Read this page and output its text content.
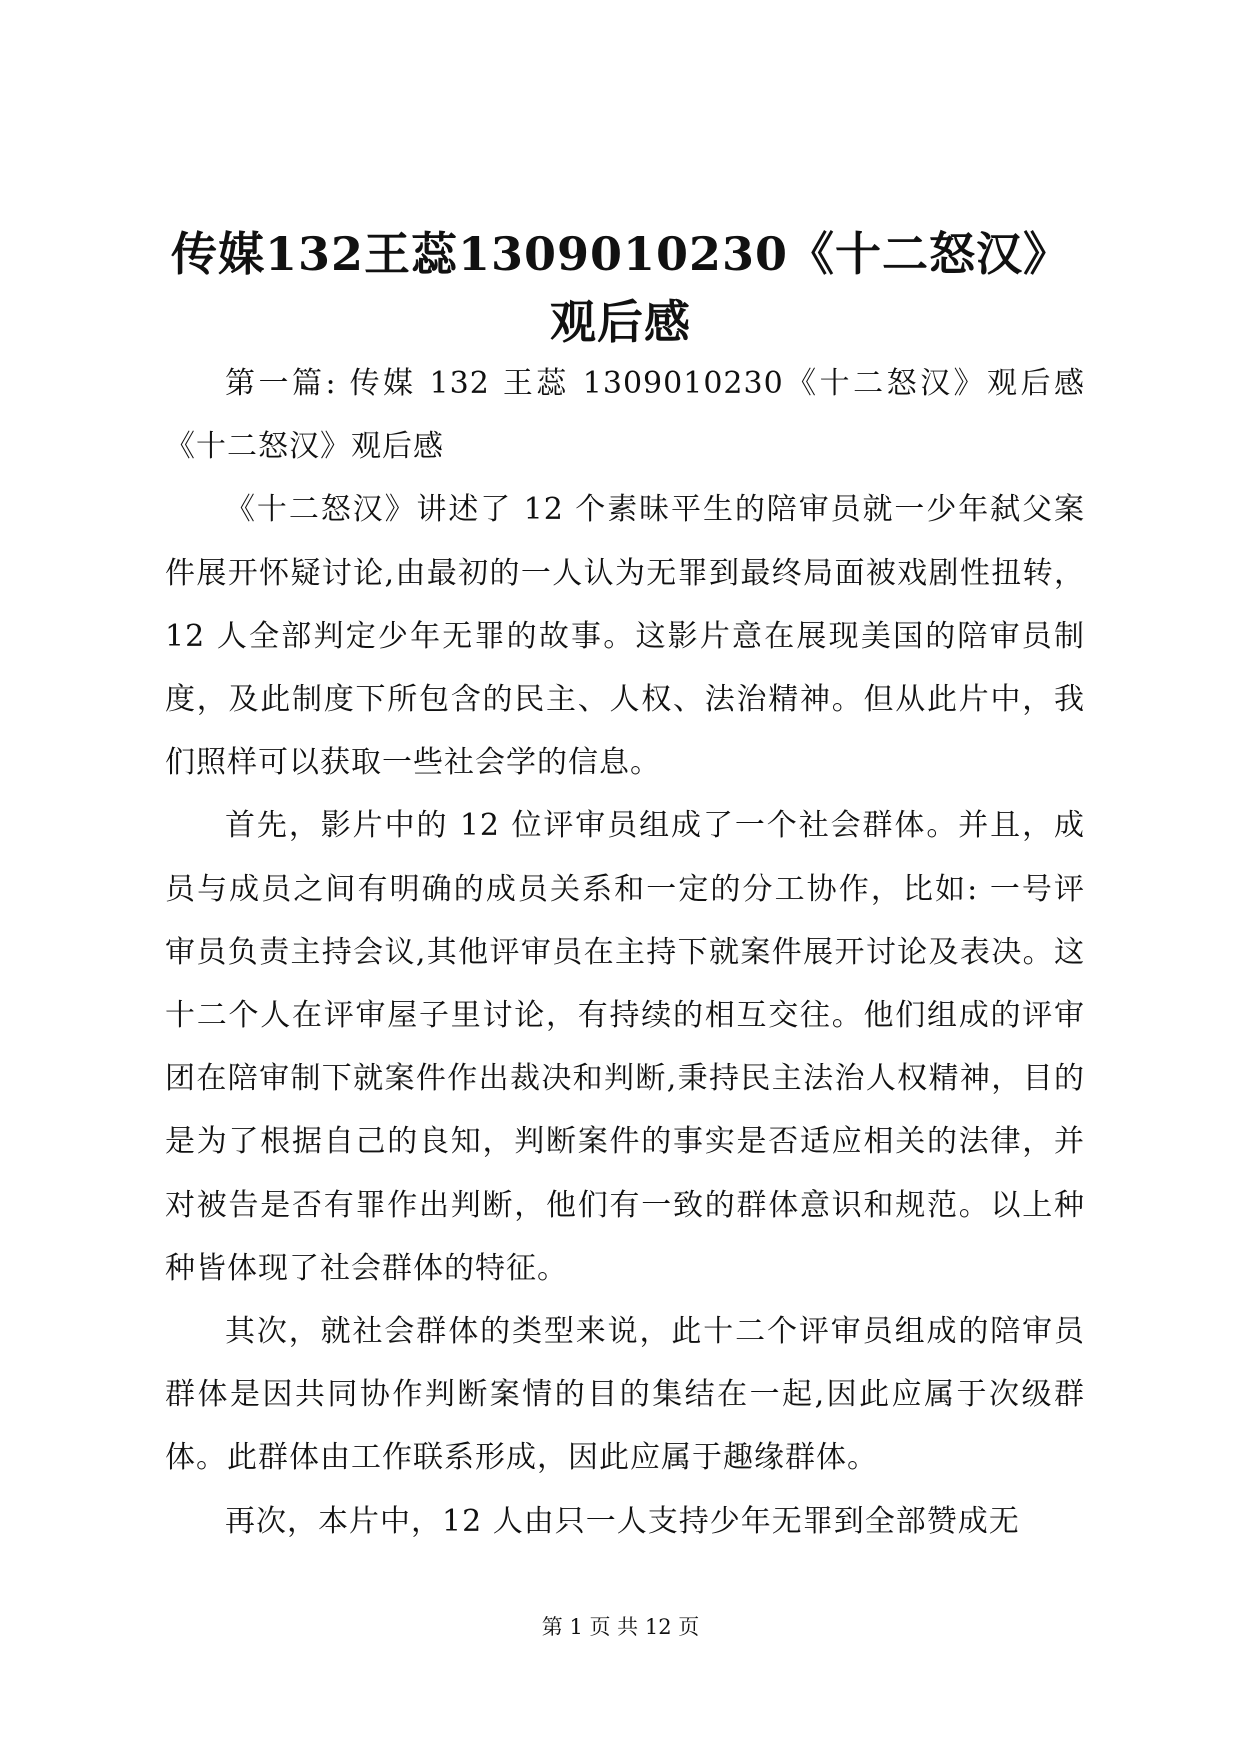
传媒132王蕊1309010230《十二怒汉》观后感

第一篇: 传媒 132 王蕊 1309010230《十二怒汉》观后感《十二怒汉》观后感

《十二怒汉》讲述了 12 个素昧平生的陪审员就一少年弑父案件展开怀疑讨论,由最初的一人认为无罪到最终局面被戏剧性扭转，12 人全部判定少年无罪的故事。这影片意在展现美国的陪审员制度，及此制度下所包含的民主、人权、法治精神。但从此片中，我们照样可以获取一些社会学的信息。

首先，影片中的 12 位评审员组成了一个社会群体。并且，成员与成员之间有明确的成员关系和一定的分工协作，比如: 一号评审员负责主持会议,其他评审员在主持下就案件展开讨论及表决。这十二个人在评审屋子里讨论，有持续的相互交往。他们组成的评审团在陪审制下就案件作出裁决和判断,秉持民主法治人权精神，目的是为了根据自己的良知，判断案件的事实是否适应相关的法律，并对被告是否有罪作出判断，他们有一致的群体意识和规范。以上种种皆体现了社会群体的特征。

其次，就社会群体的类型来说，此十二个评审员组成的陪审员群体是因共同协作判断案情的目的集结在一起,因此应属于次级群体。此群体由工作联系形成，因此应属于趣缘群体。

再次，本片中，12 人由只一人支持少年无罪到全部赞成无

第 1 页 共 12 页
